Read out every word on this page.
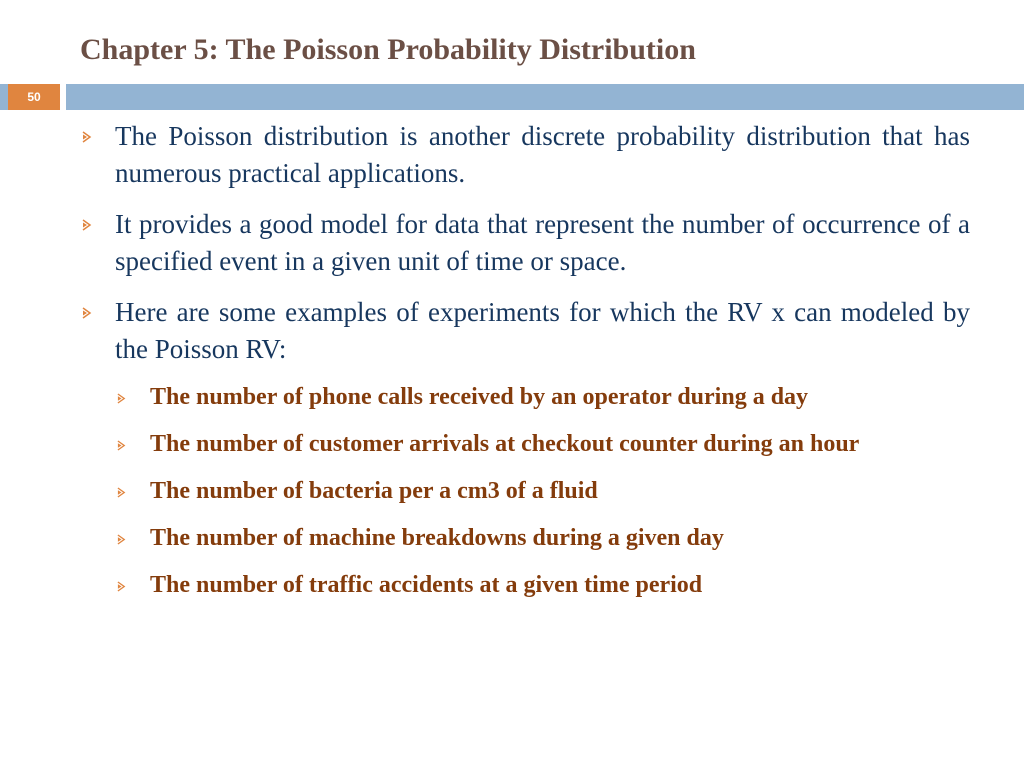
Chapter 5: The Poisson Probability Distribution
50
The Poisson distribution is another discrete probability distribution that has numerous practical applications.
It provides a good model for data that represent the number of occurrence of a specified event in a given unit of time or space.
Here are some examples of experiments for which the RV x can modeled by the Poisson RV:
The number of phone calls received by an operator during a day
The number of customer arrivals at checkout counter during an hour
The number of bacteria per a cm3 of a fluid
The number of machine breakdowns during a given day
The number of traffic accidents at a given time period
